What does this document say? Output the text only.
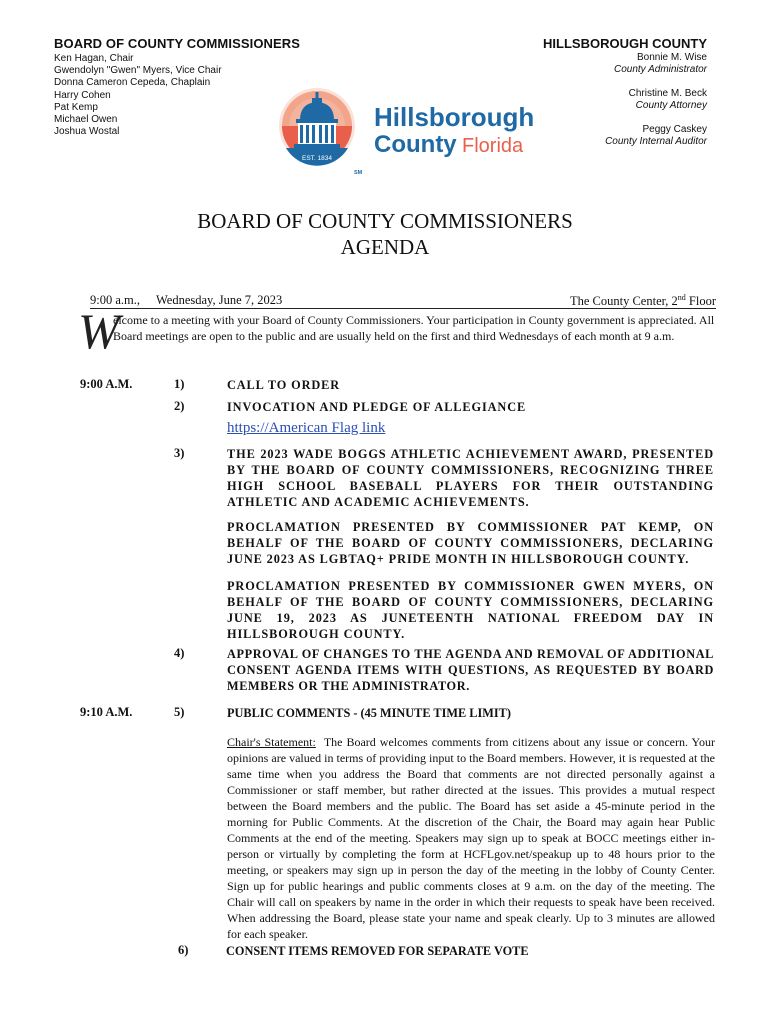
BOARD OF COUNTY COMMISSIONERS	HILLSBOROUGH COUNTY
Ken Hagan, Chair
Gwendolyn "Gwen" Myers, Vice Chair
Donna Cameron Cepeda, Chaplain
Harry Cohen
Pat Kemp
Michael Owen
Joshua Wostal
Bonnie M. Wise
County Administrator
Christine M. Beck
County Attorney
Peggy Caskey
County Internal Auditor
EST. 1834
Hillsborough
County Florida
SM
BOARD OF COUNTY COMMISSIONERS
AGENDA
9:00 a.m., Wednesday, June 7, 2023	The County Center, 2nd Floor
W
elcome to a meeting with your Board of County Commissioners. Your participation in County government is appreciated. All Board meetings are open to the public and are usually held on the first and third Wednesdays of each month at 9 a.m.
9:00 A.M.	1)	CALL TO ORDER
2)	INVOCATION AND PLEDGE OF ALLEGIANCE
https://American Flag link
3)	THE 2023 WADE BOGGS ATHLETIC ACHIEVEMENT AWARD, PRESENTED BY THE BOARD OF COUNTY COMMISSIONERS, RECOGNIZING THREE HIGH SCHOOL BASEBALL PLAYERS FOR THEIR OUTSTANDING ATHLETIC AND ACADEMIC ACHIEVEMENTS.
PROCLAMATION PRESENTED BY COMMISSIONER PAT KEMP, ON BEHALF OF THE BOARD OF COUNTY COMMISSIONERS, DECLARING JUNE 2023 AS LGBTAQ+ PRIDE MONTH IN HILLSBOROUGH COUNTY.
PROCLAMATION PRESENTED BY COMMISSIONER GWEN MYERS, ON BEHALF OF THE BOARD OF COUNTY COMMISSIONERS, DECLARING JUNE 19, 2023 AS JUNETEENTH NATIONAL FREEDOM DAY IN HILLSBOROUGH COUNTY.
4)	APPROVAL OF CHANGES TO THE AGENDA AND REMOVAL OF ADDITIONAL CONSENT AGENDA ITEMS WITH QUESTIONS, AS REQUESTED BY BOARD MEMBERS OR THE ADMINISTRATOR.
9:10 A.M.	5)	PUBLIC COMMENTS - (45 MINUTE TIME LIMIT)
Chair's Statement: The Board welcomes comments from citizens about any issue or concern. Your opinions are valued in terms of providing input to the Board members. However, it is requested at the same time when you address the Board that comments are not directed personally against a Commissioner or staff member, but rather directed at the issues. This provides a mutual respect between the Board members and the public. The Board has set aside a 45-minute period in the morning for Public Comments. At the discretion of the Chair, the Board may again hear Public Comments at the end of the meeting. Speakers may sign up to speak at BOCC meetings either in-person or virtually by completing the form at HCFLgov.net/speakup up to 48 hours prior to the meeting, or speakers may sign up in person the day of the meeting in the lobby of County Center. Sign up for public hearings and public comments closes at 9 a.m. on the day of the meeting. The Chair will call on speakers by name in the order in which their requests to speak have been received. When addressing the Board, please state your name and speak clearly. Up to 3 minutes are allowed for each speaker.
6)	CONSENT ITEMS REMOVED FOR SEPARATE VOTE
